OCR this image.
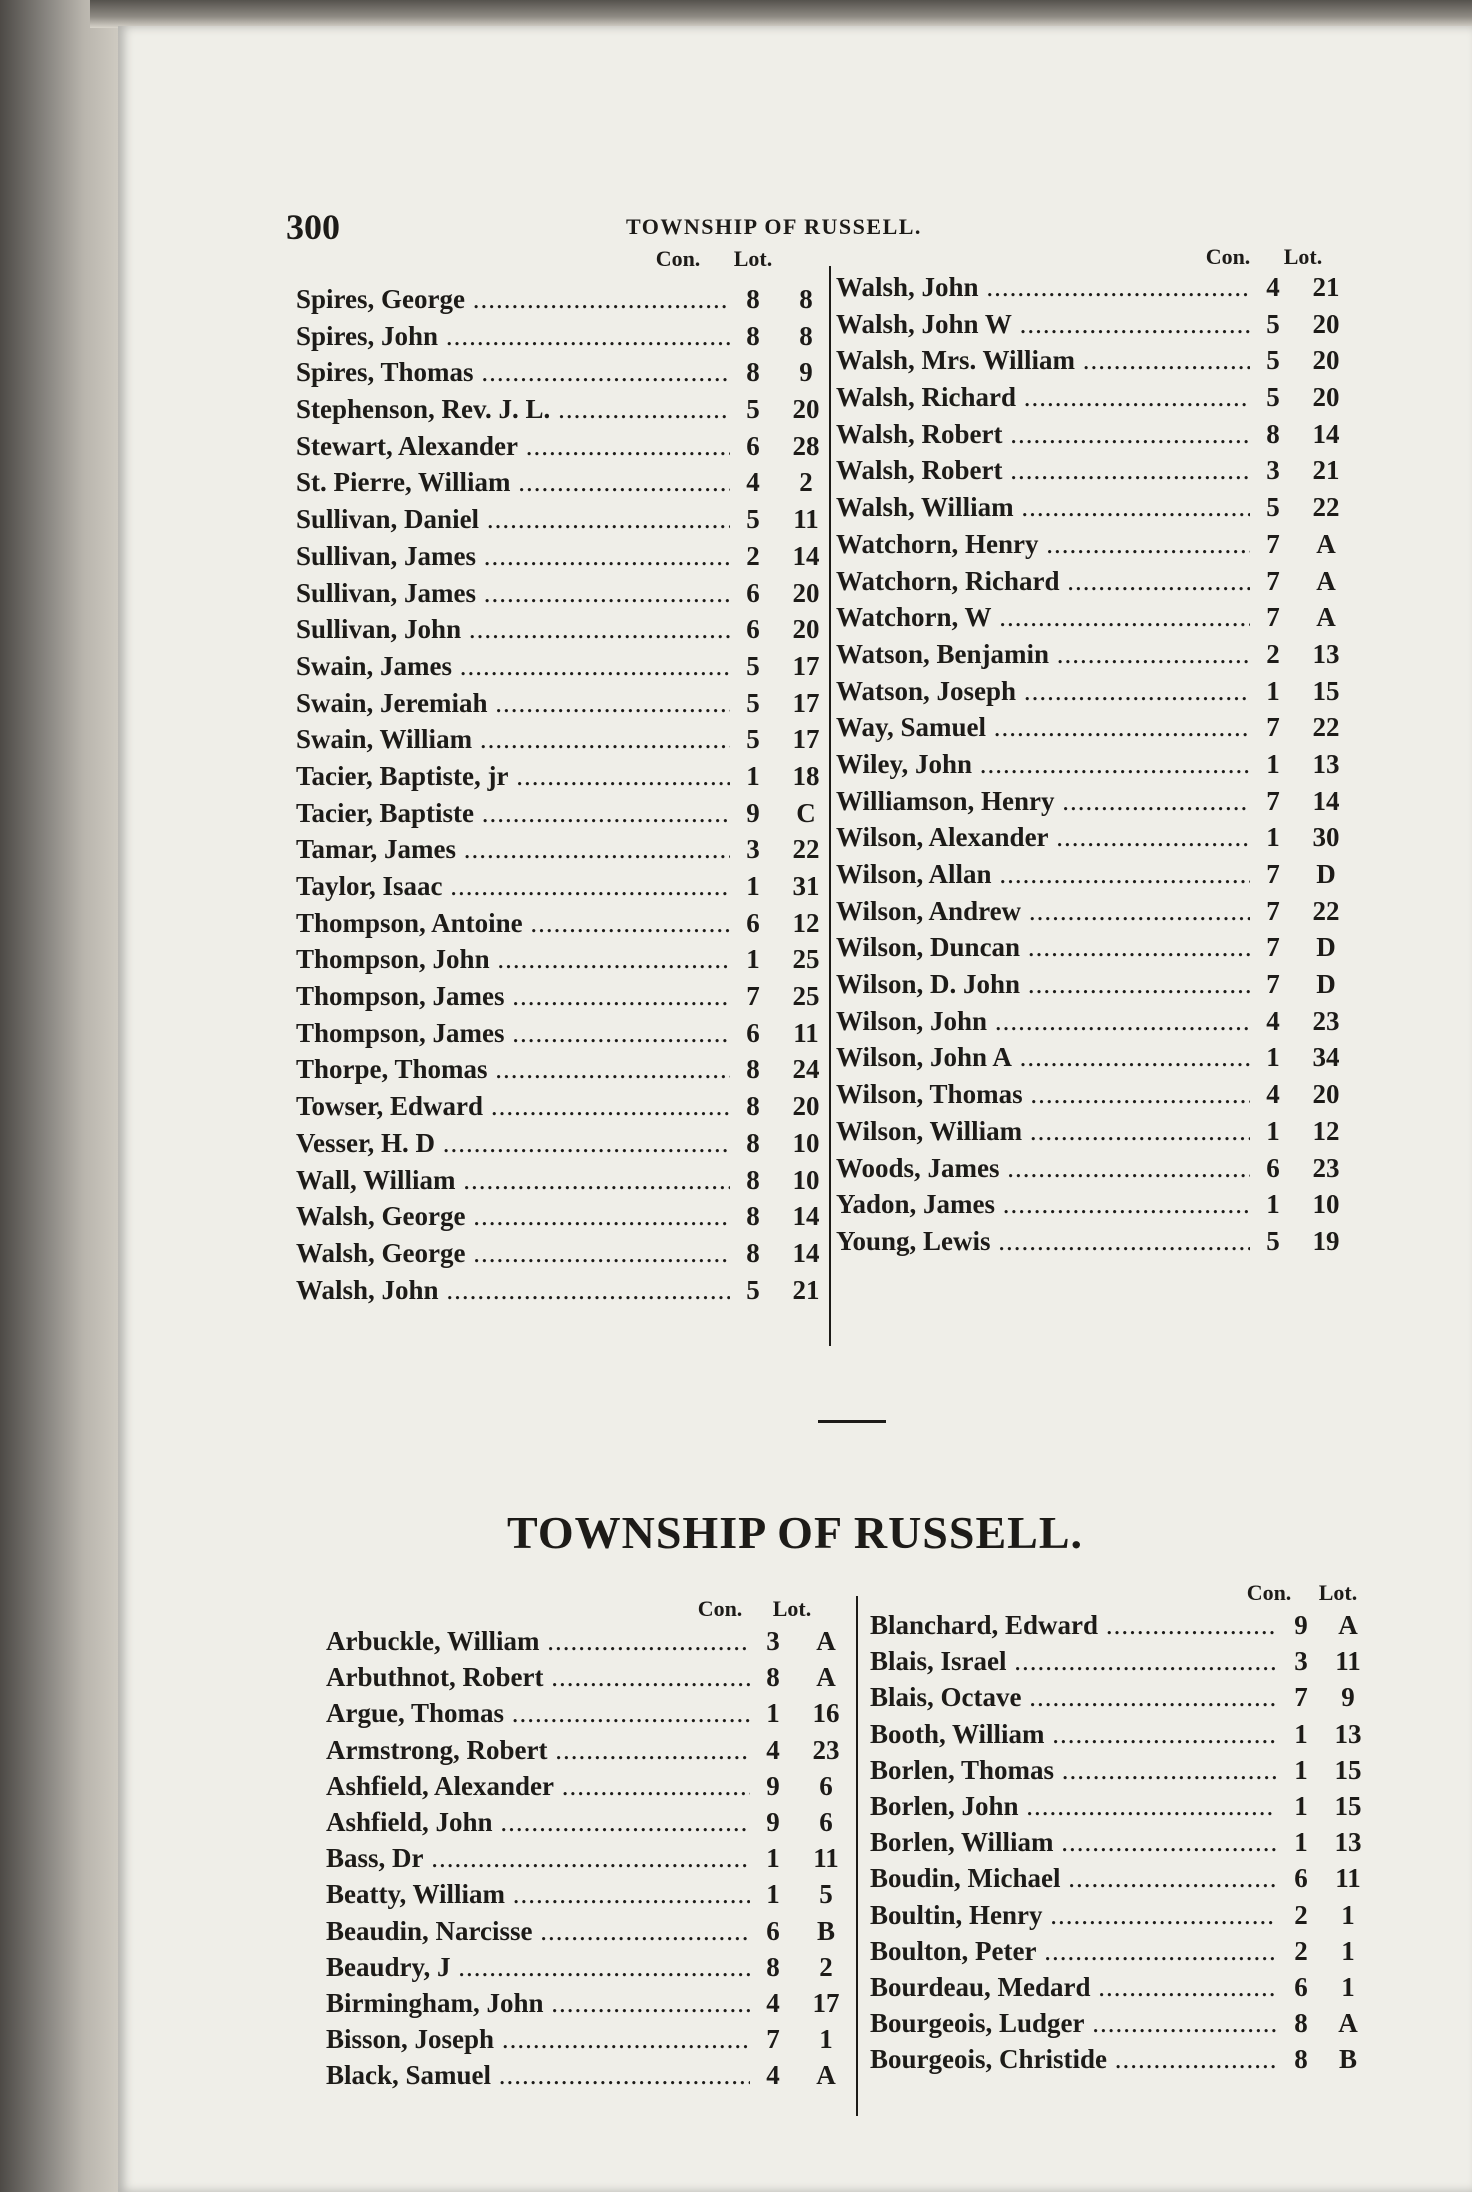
300	TOWNSHIP OF RUSSELL.
Con.	Lot.	Con.	Lot.
Spires, George .....	8	8
Spires, John .....	8	8
Spires, Thomas .....	8	9
Stephenson, Rev. J. L. .....	5	20
Stewart, Alexander .....	6	28
St. Pierre, William .....	4	2
Sullivan, Daniel .....	5	11
Sullivan, James .....	2	14
Sullivan, James .....	6	20
Sullivan, John .....	6	20
Swain, James .....	5	17
Swain, Jeremiah .....	5	17
Swain, William .....	5	17
Tacier, Baptiste, jr .....	1	18
Tacier, Baptiste .....	9	C
Tamar, James .....	3	22
Taylor, Isaac .....	1	31
Thompson, Antoine .....	6	12
Thompson, John .....	1	25
Thompson, James .....	7	25
Thompson, James .....	6	11
Thorpe, Thomas .....	8	24
Towser, Edward .....	8	20
Vesser, H. D .....	8	10
Wall, William .....	8	10
Walsh, George .....	8	14
Walsh, George .....	8	14
Walsh, John .....	5	21
Walsh, John .....	4	21
Walsh, John W .....	5	20
Walsh, Mrs. William .....	5	20
Walsh, Richard .....	5	20
Walsh, Robert .....	8	14
Walsh, Robert .....	3	21
Walsh, William .....	5	22
Watchorn, Henry .....	7	A
Watchorn, Richard .....	7	A
Watchorn, W .....	7	A
Watson, Benjamin .....	2	13
Watson, Joseph .....	1	15
Way, Samuel .....	7	22
Wiley, John .....	1	13
Williamson, Henry .....	7	14
Wilson, Alexander .....	1	30
Wilson, Allan .....	7	D
Wilson, Andrew .....	7	22
Wilson, Duncan .....	7	D
Wilson, D. John .....	7	D
Wilson, John .....	4	23
Wilson, John A .....	1	34
Wilson, Thomas .....	4	20
Wilson, William .....	1	12
Woods, James .....	6	23
Yadon, James .....	1	10
Young, Lewis .....	5	19
TOWNSHIP OF RUSSELL.
Con.	Lot.
Con.	Lot.
Arbuckle, William .....	3	A
Arbuthnot, Robert .....	8	A
Argue, Thomas .....	1	16
Armstrong, Robert .....	4	23
Ashfield, Alexander .....	9	6
Ashfield, John .....	9	6
Bass, Dr .....	1	11
Beatty, William .....	1	5
Beaudin, Narcisse .....	6	B
Beaudry, J .....	8	2
Birmingham, John .....	4	17
Bisson, Joseph .....	7	1
Black, Samuel .....	4	A
Blanchard, Edward .....	9	A
Blais, Israel .....	3	11
Blais, Octave .....	7	9
Booth, William .....	1 13
Borlen, Thomas .....	1 15
Borlen, John .....	1 15
Borlen, William .....	1 13
Boudin, Michael .....	6	11
Boultin, Henry .....	2	1
Boulton, Peter .....	2	1
Bourdeau, Medard .....	6	1
Bourgeois, Ludger .....	8	A
Bourgeois, Christide .....	8	B
